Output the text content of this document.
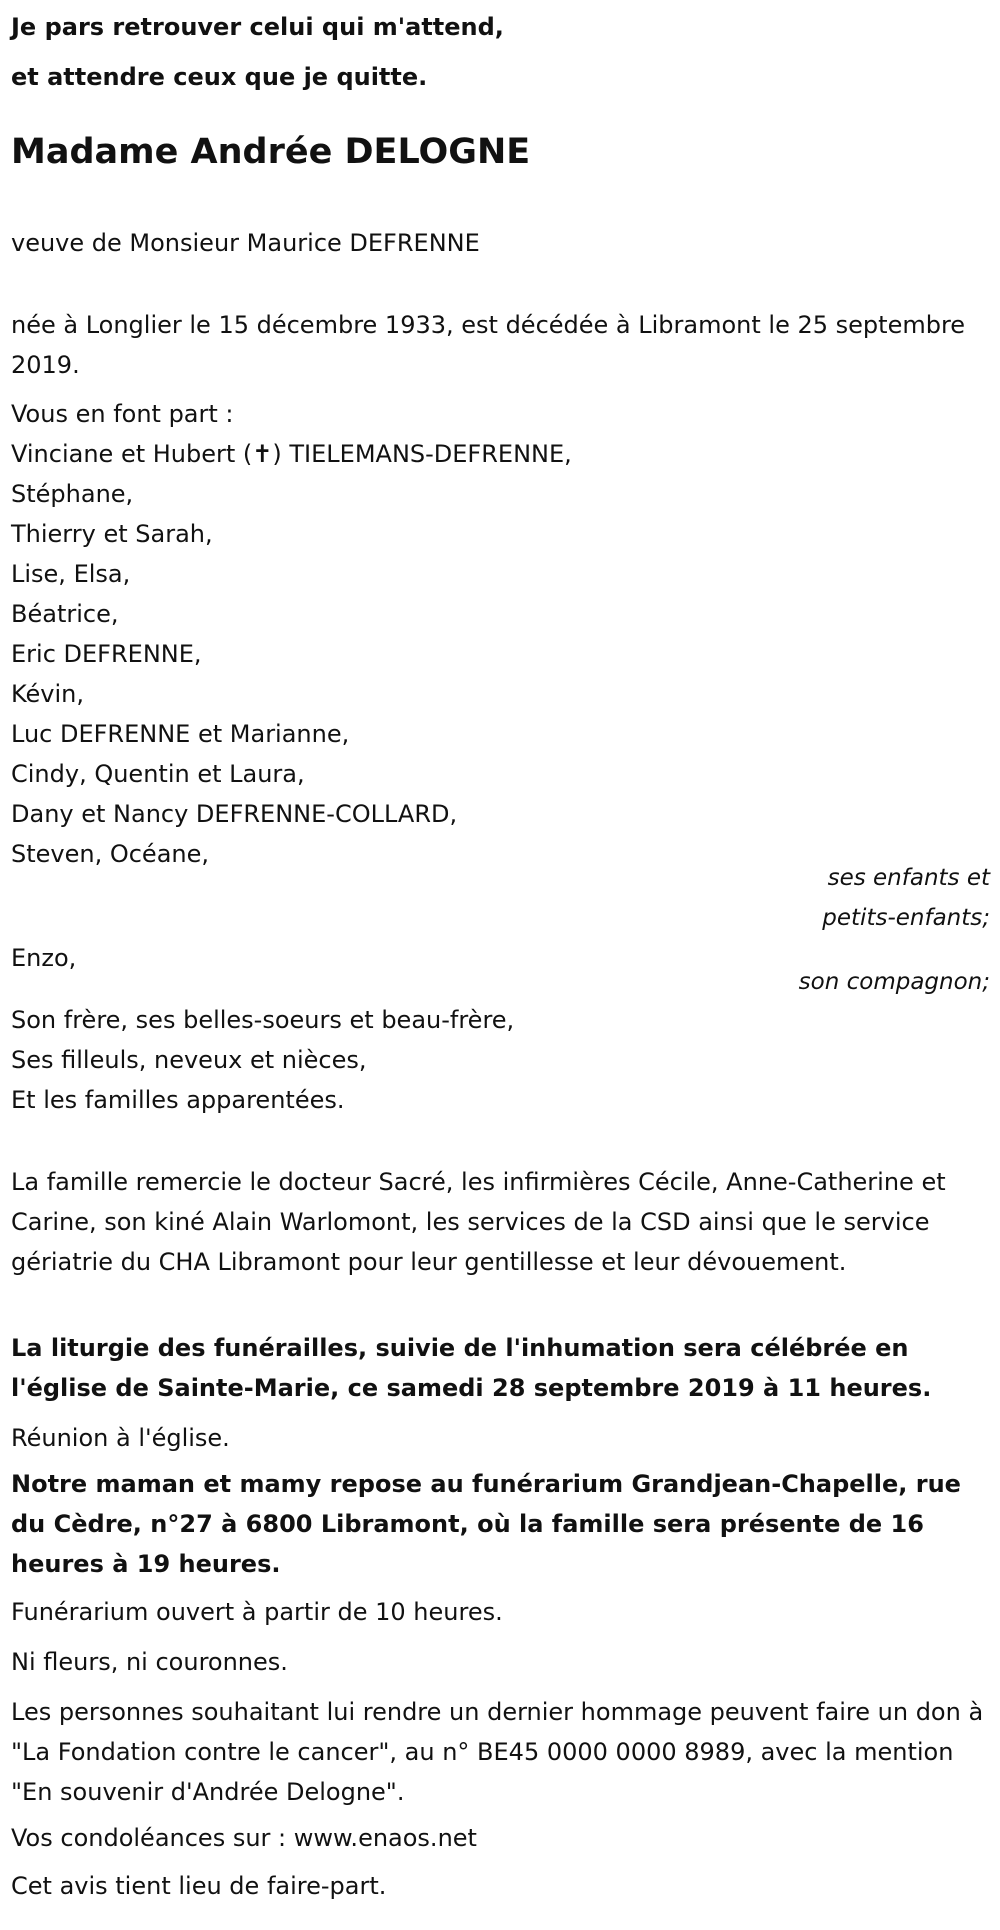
Je pars retrouver celui qui m'attend,

et attendre ceux que je quitte.

Madame Andrée DELOGNE

veuve de Monsieur Maurice DEFRENNE

née à Longlier le 15 décembre 1933, est décédée à Libramont le 25 septembre 2019.

Vous en font part :

Vinciane et Hubert (✝) TIELEMANS-DEFRENNE,

Stéphane,

Thierry et Sarah,

Lise, Elsa,

Béatrice,

Eric DEFRENNE,

Kévin,

Luc DEFRENNE et Marianne,

Cindy, Quentin et Laura,

Dany et Nancy DEFRENNE-COLLARD,

Steven, Océane,

ses enfants et
petits-enfants;

Enzo,

son compagnon;

Son frère, ses belles-soeurs et beau-frère,

Ses filleuls, neveux et nièces,

Et les familles apparentées.

La famille remercie le docteur Sacré, les infirmières Cécile, Anne-Catherine et Carine, son kiné Alain Warlomont, les services de la CSD ainsi que le service gériatrie du CHA Libramont pour leur gentillesse et leur dévouement.

La liturgie des funérailles, suivie de l'inhumation sera célébrée en l'église de Sainte-Marie, ce samedi 28 septembre 2019 à 11 heures.

Réunion à l'église.

Notre maman et mamy repose au funérarium Grandjean-Chapelle, rue du Cèdre, n°27 à 6800 Libramont, où la famille sera présente de 16 heures à 19 heures.

Funérarium ouvert à partir de 10 heures.

Ni fleurs, ni couronnes.

Les personnes souhaitant lui rendre un dernier hommage peuvent faire un don à "La Fondation contre le cancer", au n° BE45 0000 0000 8989, avec la mention "En souvenir d'Andrée Delogne".

Vos condoléances sur : www.enaos.net

Cet avis tient lieu de faire-part.
